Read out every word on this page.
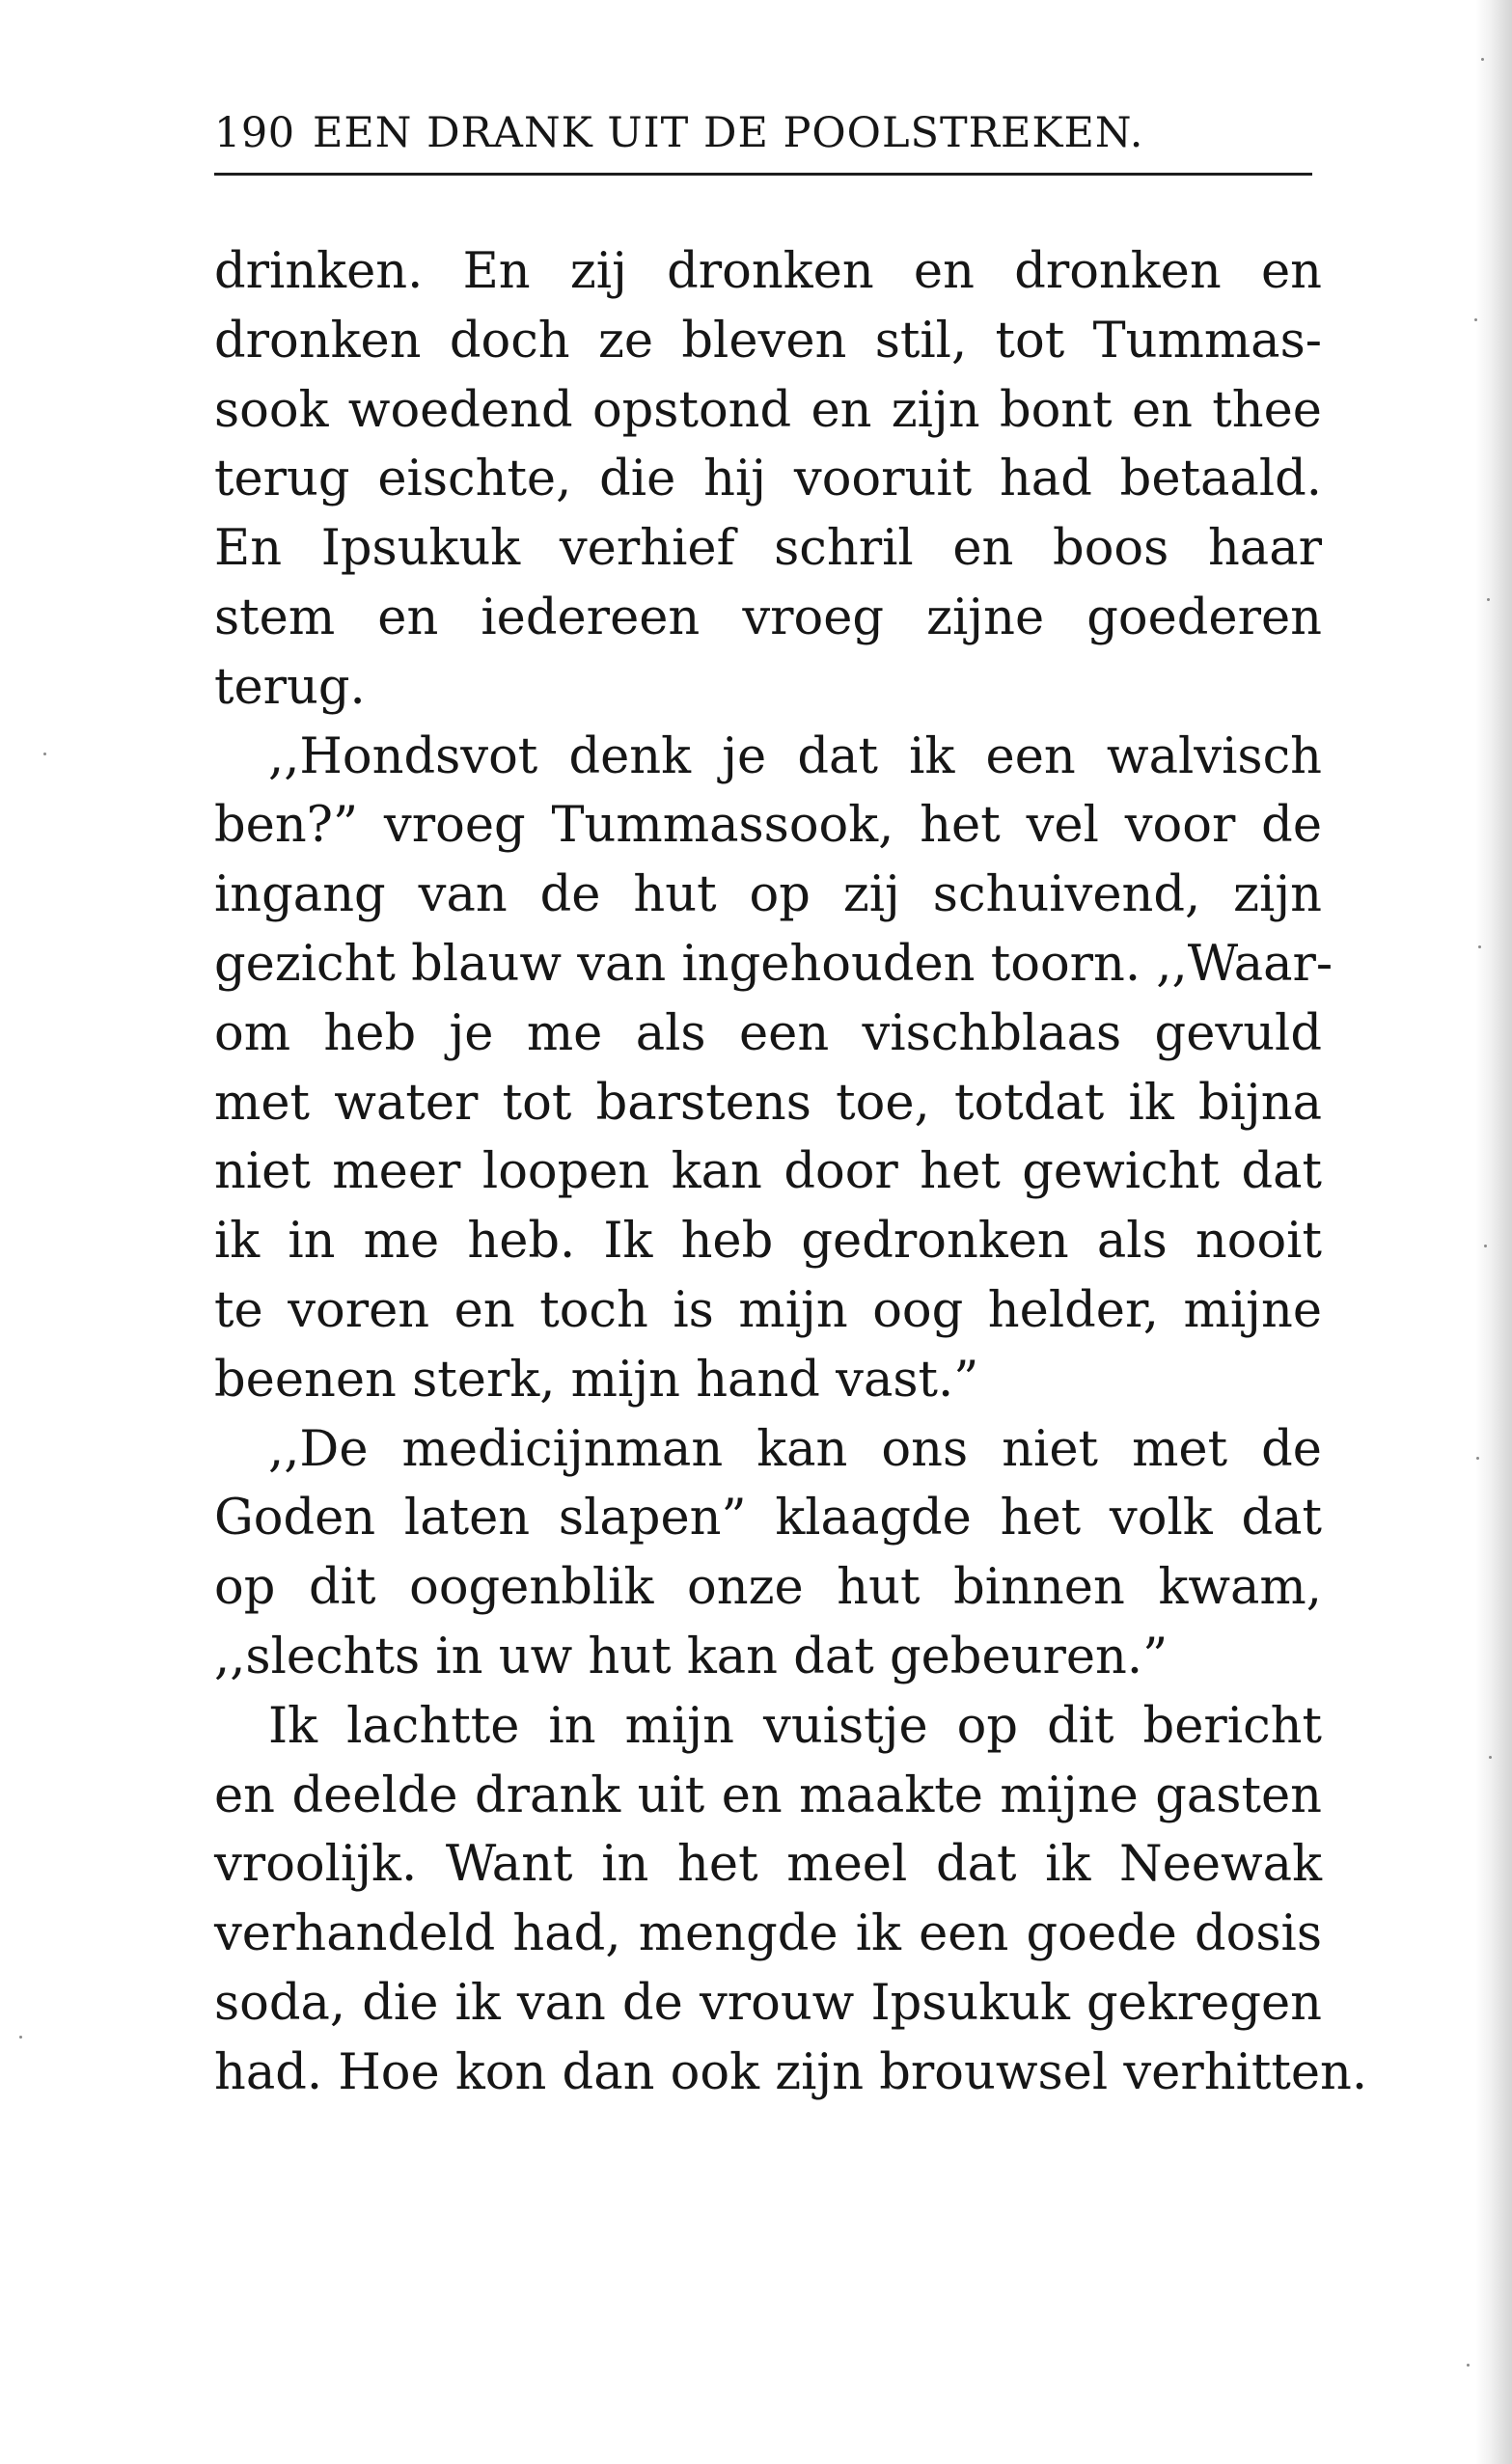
190 EEN DRANK UIT DE POOLSTREKEN.
drinken. En zij dronken en dronken en
dronken doch ze bleven stil, tot Tummas-
sook woedend opstond en zijn bont en thee
terug eischte, die hij vooruit had betaald.
En Ipsukuk verhief schril en boos haar
stem en iedereen vroeg zijne goederen
terug.
,,Hondsvot denk je dat ik een walvisch
ben?” vroeg Tummassook, het vel voor de
ingang van de hut op zij schuivend, zijn
gezicht blauw van ingehouden toorn. ,,Waar-
om heb je me als een vischblaas gevuld
met water tot barstens toe, totdat ik bijna
niet meer loopen kan door het gewicht dat
ik in me heb. Ik heb gedronken als nooit
te voren en toch is mijn oog helder, mijne
beenen sterk, mijn hand vast.”
,,De medicijnman kan ons niet met de
Goden laten slapen” klaagde het volk dat
op dit oogenblik onze hut binnen kwam,
,,slechts in uw hut kan dat gebeuren.”
Ik lachtte in mijn vuistje op dit bericht
en deelde drank uit en maakte mijne gasten
vroolijk. Want in het meel dat ik Neewak
verhandeld had, mengde ik een goede dosis
soda, die ik van de vrouw Ipsukuk gekregen
had. Hoe kon dan ook zijn brouwsel verhitten.
